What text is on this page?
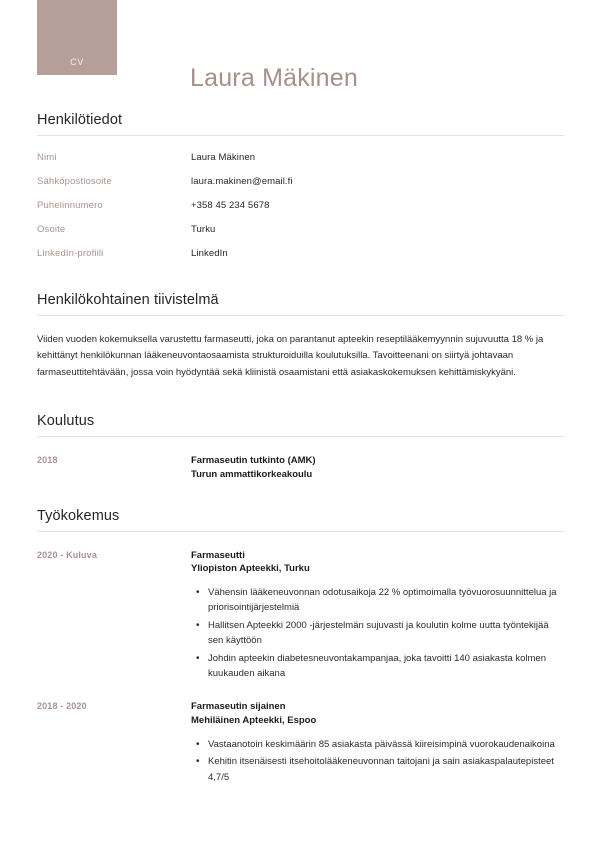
CV
Laura Mäkinen
Henkilötiedot
Nimi	Laura Mäkinen
Sähköpostiosoite	laura.makinen@email.fi
Puhelinnumero	+358 45 234 5678
Osoite	Turku
LinkedIn-profiili	LinkedIn
Henkilökohtainen tiivistelmä

Viiden vuoden kokemuksella varustettu farmaseutti, joka on parantanut apteekin reseptilääkemyynnin sujuvuutta 18 % ja kehittänyt henkilökunnan lääkeneuvontaosaamista strukturoiduilla koulutuksilla. Tavoitteenani on siirtyä johtavaan farmaseuttitehtävään, jossa voin hyödyntää sekä kliinistä osaamistani että asiakaskokemuksen kehittämiskykyäni.

Koulutus
2018	Farmaseutin tutkinto (AMK)
Turun ammattikorkeakoulu
Työkokemus
2020 - Kuluva	Farmaseutti
Yliopiston Apteekki, Turku
• Vähensin lääkeneuvonnan odotusaikoja 22 % optimoimalla työvuorosuunnittelua ja priorisointijärjestelmiä
• Hallitsen Apteekki 2000 -järjestelmän sujuvasti ja koulutin kolme uutta työntekijää sen käyttöön
• Johdin apteekin diabetesneuvontakampanjaa, joka tavoitti 140 asiakasta kolmen kuukauden aikana
2018 - 2020	Farmaseutin sijainen
Mehiläinen Apteekki, Espoo
• Vastaanotoin keskimäärin 85 asiakasta päivässä kiireisimpinä vuorokaudenaikoina
• Kehitin itsenäisesti itsehoitolääkeneuvonnan taitojani ja sain asiakaspalautepisteet 4,7/5
